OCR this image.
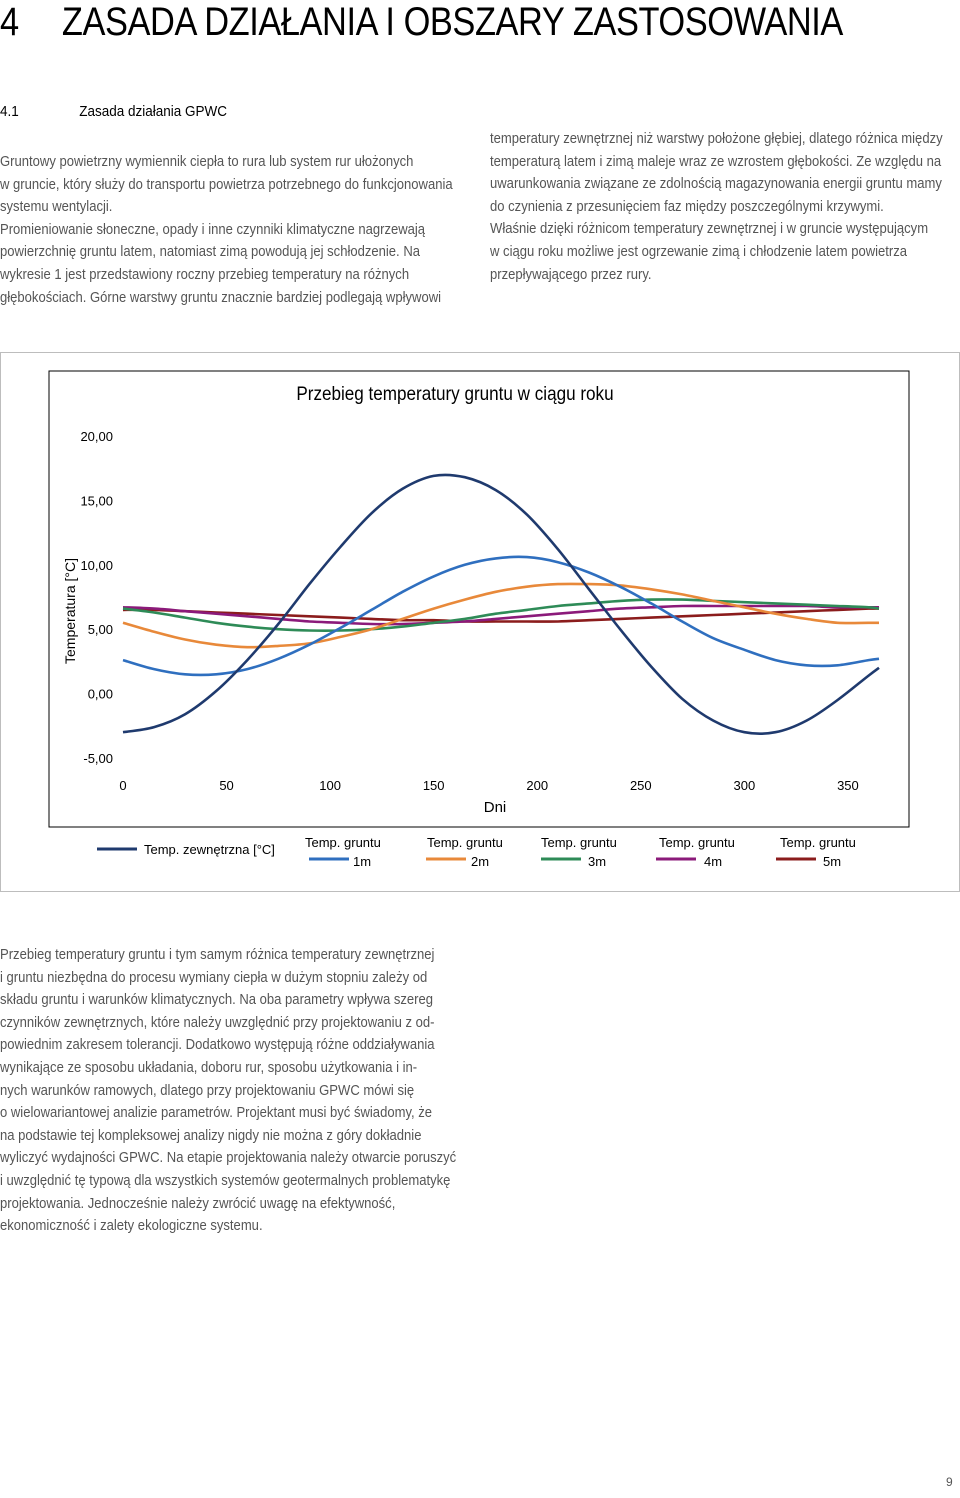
4 ZASADA DZIAŁANIA I OBSZARY ZASTOSOWANIA
4.1	Zasada działania GPWC
Gruntowy powietrzny wymiennik ciepła to rura lub system rur ułożonych
w gruncie, który służy do transportu powietrza potrzebnego do funkcjonowania
systemu wentylacji.
Promieniowanie słoneczne, opady i inne czynniki klimatyczne nagrzewają
powierzchnię gruntu latem, natomiast zimą powodują jej schłodzenie. Na
wykresie 1 jest przedstawiony roczny przebieg temperatury na różnych
głębokościach. Górne warstwy gruntu znacznie bardziej podlegają wpływowi
temperatury zewnętrznej niż warstwy położone głębiej, dlatego różnica między
temperaturą latem i zimą maleje wraz ze wzrostem głębokości. Ze względu na
uwarunkowania związane ze zdolnością magazynowania energii gruntu mamy
do czynienia z przesunięciem faz między poszczególnymi krzywymi.
Właśnie dzięki różnicom temperatury zewnętrznej i w gruncie występującym
w ciągu roku możliwe jest ogrzewanie zimą i chłodzenie latem powietrza
przepływającego przez rury.
Przebieg temperatury gruntu w ciągu roku
-5,00
0,00
5,00
10,00
15,00
20,00
Temperatura [°C]
0	50	100	150	200	250	300	350
Dni
Temp. zewnętrzna [°C] Temp. gruntu
1m
Temp. gruntu
2m
Temp. gruntu
3m
Temp. gruntu
4m
Temp. gruntu
5m
Przebieg temperatury gruntu i tym samym różnica temperatury zewnętrznej
i gruntu niezbędna do procesu wymiany ciepła w dużym stopniu zależy od
składu gruntu i warunków klimatycznych. Na oba parametry wpływa szereg
czynników zewnętrznych, które należy uwzględnić przy projektowaniu z od-
powiednim zakresem tolerancji. Dodatkowo występują różne oddziaływania
wynikające ze sposobu układania, doboru rur, sposobu użytkowania i in-
nych warunków ramowych, dlatego przy projektowaniu GPWC mówi się
o wielowariantowej analizie parametrów. Projektant musi być świadomy, że
na podstawie tej kompleksowej analizy nigdy nie można z góry dokładnie
wyliczyć wydajności GPWC. Na etapie projektowania należy otwarcie poruszyć
i uwzględnić tę typową dla wszystkich systemów geotermalnych problematykę
projektowania. Jednocześnie należy zwrócić uwagę na efektywność,
ekonomiczność i zalety ekologiczne systemu.
9
